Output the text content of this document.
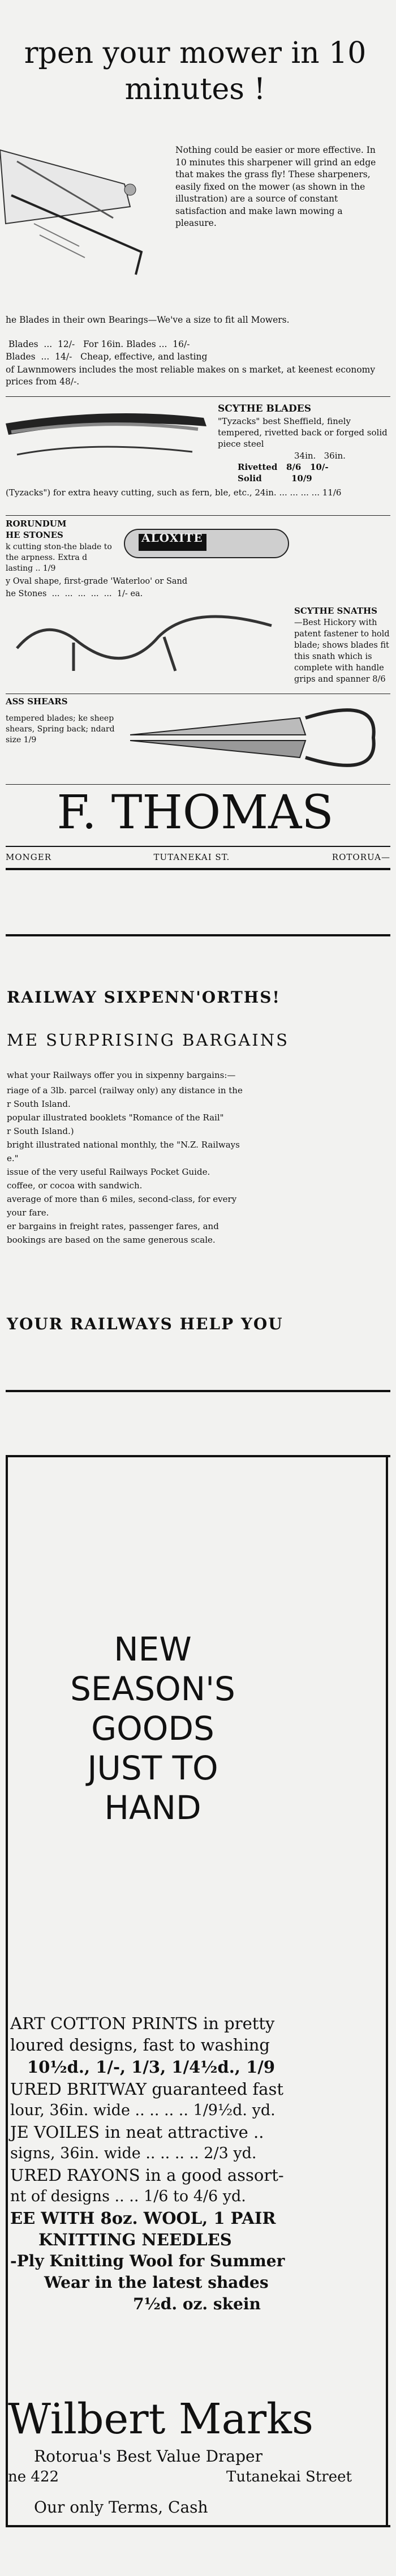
rpen your mower in 10
minutes !
Nothing could be easier or more effective. In 10 minutes this sharpener will grind an edge that makes the grass fly! These sharpeners, easily fixed on the mower (as shown in the illustration) are a source of constant satisfaction and make lawn mowing a pleasure.
he Blades in their own Bearings—We've a size to fit all Mowers.
Blades  ...  12/-   For 16in. Blades ...  16/-
Blades  ...  14/-   Cheap, effective, and lasting
of Lawnmowers includes the most reliable makes on s market, at keenest economy prices from 48/-.
SCYTHE BLADES
"Tyzacks" best Sheffield, finely tempered, rivetted back or forged solid piece steel
34in.   36in.
Rivetted   8/6   10/-
Solid          10/9
(Tyzacks") for extra heavy cutting, such as fern, ble, etc., 24in. ... ... ... ... 11/6
RORUNDUM
HE STONES
k cutting ston-the blade to the arpness. Extra d lasting .. 1/9
ALOXITE
y Oval shape, first-grade 'Waterloo' or Sand
he Stones  ...  ...  ...  ...  ...  1/- ea.
SCYTHE SNATHS
—Best Hickory with patent fastener to hold blade; shows blades fit this snath which is complete with handle grips and spanner 8/6
ASS SHEARS
tempered blades; ke sheep shears, Spring back; ndard size 1/9
F. THOMAS
MONGER	TUTANEKAI ST.	ROTORUA—
RAILWAY SIXPENN'ORTHS!
ME SURPRISING BARGAINS
what your Railways offer you in sixpenny bargains:—
riage of a 3lb. parcel (railway only) any distance in the
r South Island.
popular illustrated booklets "Romance of the Rail"
r South Island.)
bright illustrated national monthly, the "N.Z. Railways
e."
issue of the very useful Railways Pocket Guide.
coffee, or cocoa with sandwich.
average of more than 6 miles, second-class, for every
your fare.
er bargains in freight rates, passenger fares, and
bookings are based on the same generous scale.
YOUR RAILWAYS HELP YOU
NEW
SEASON'S
GOODS
JUST TO
HAND
ART COTTON PRINTS in pretty
loured designs, fast to washing
10½d., 1/-, 1/3, 1/4½d., 1/9
URED BRITWAY guaranteed fast
lour, 36in. wide .. .. .. .. 1/9½d. yd.
JE VOILES in neat attractive ..
signs, 36in. wide .. .. .. .. 2/3 yd.
URED RAYONS in a good assort-
nt of designs .. .. 1/6 to 4/6 yd.
EE WITH 8oz. WOOL, 1 PAIR
KNITTING NEEDLES
-Ply Knitting Wool for Summer
Wear in the latest shades
7½d. oz. skein
Wilbert Marks
Rotorua's Best Value Draper
ne 422	Tutanekai Street
Our only Terms, Cash
